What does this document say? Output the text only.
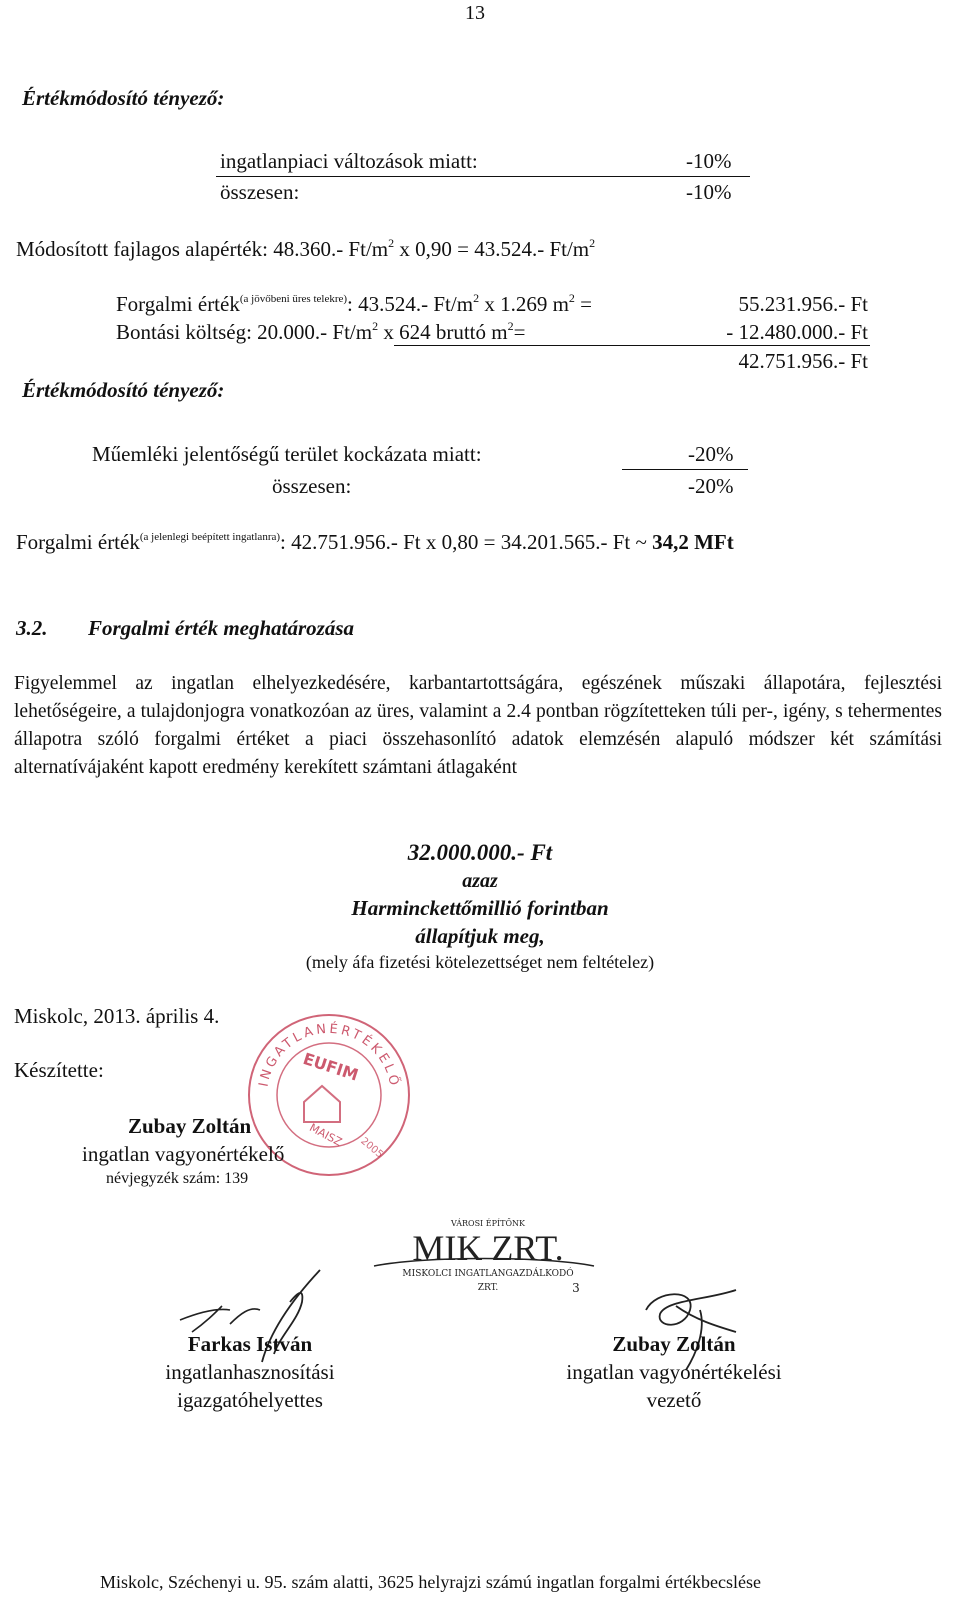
13
Értékmódosító tényező:
ingatlanpiaci változások miatt:	-10%
összesen:	-10%
Módosított fajlagos alapérték: 48.360.- $Ft/m^2$ x 0,90 = 43.524.- $Ft/m^2$
Forgalmi érték$^{(a jövőbeni üres telekre)}$: 43.524.- $Ft/m^2$ x 1.269 $m^2$ =	55.231.956.- Ft
Bontási költség: 20.000.- $Ft/m^2$ x 624 bruttó $m^2=$	- 12.480.000.- Ft
42.751.956.- Ft
Értékmódosító tényező:
Műemléki jelentőségű terület kockázata miatt:	-20%
összesen:	-20%
Forgalmi érték$^{(a jelenlegi beépített ingatlanra)}$: 42.751.956.- Ft x 0,80 = 34.201.565.- Ft ~ 34,2 MFt
3.2. Forgalmi érték meghatározása
Figyelemmel az ingatlan elhelyezkedésére, karbantartottságára, egészének műszaki állapotára, fejlesztési lehetőségeire, a tulajdonjogra vonatkozóan az üres, valamint a 2.4 pontban rögzítetteken túli per-, igény, s tehermentes állapotra szóló forgalmi értéket a piaci összehasonlító adatok elemzésén alapuló módszer két számítási alternatívájaként kapott eredmény kerekített számtani átlagaként
32.000.000.- Ft
azaz
Harminckettőmillió forintban
állapítjuk meg,
(mely áfa fizetési kötelezettséget nem feltételez)
Miskolc, 2013. április 4.
Készítette:
INGATLANÉRTÉKELŐ
EUFIM
MAISZ 2005
Zubay Zoltán
ingatlan vagyonértékelő
névjegyzék szám: 139
VÁROSI ÉPÍTŐNK
MIK ZRT.
MISKOLCI INGATLANGAZDÁLKODÓ
ZRT.	3
Farkas István
ingatlanhasznosítási
igazgatóhelyettes
Zubay Zoltán
ingatlan vagyonértékelési
vezető
Miskolc, Széchenyi u. 95. szám alatti, 3625 helyrajzi számú ingatlan forgalmi értékbecslése
